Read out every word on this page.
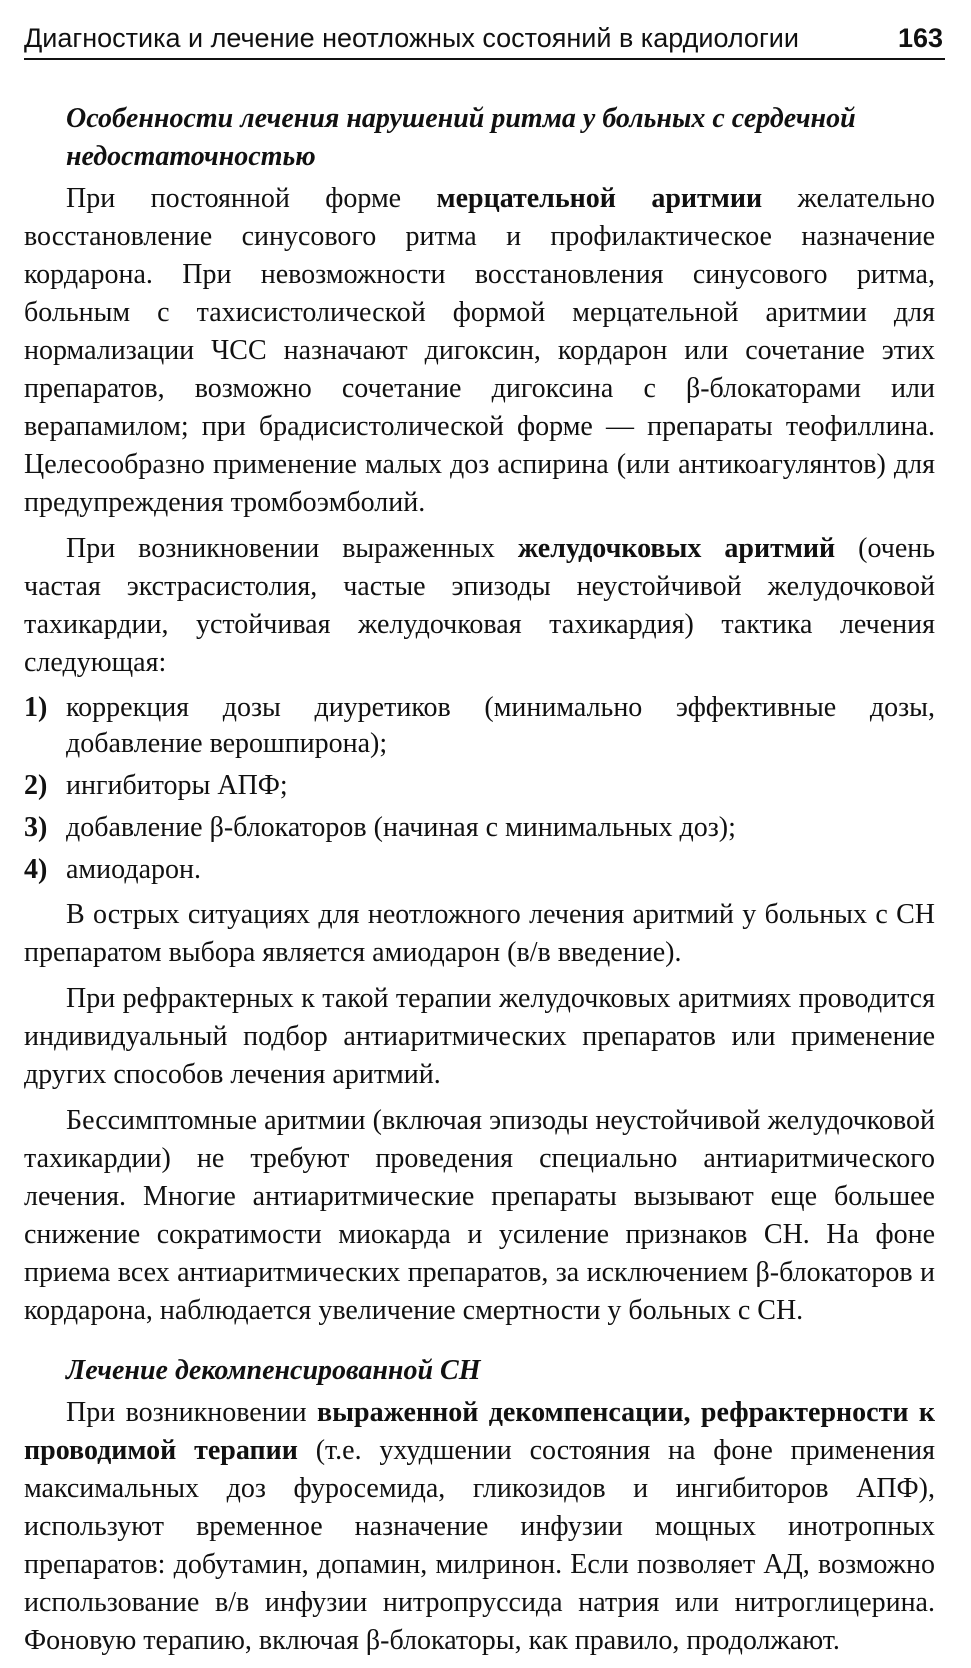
Диагностика и лечение неотложных состояний в кардиологии	163
Особенности лечения нарушений ритма у больных с сердечной недостаточностью

При постоянной форме мерцательной аритмии желательно восстановление синусового ритма и профилактическое назначение кордарона. При невозможности восстановления синусового ритма, больным с тахисистолической формой мерцательной аритмии для нормализации ЧСС назначают дигоксин, кордарон или сочетание этих препаратов, возможно сочетание дигоксина с β-блокаторами или верапамилом; при брадисистолической форме — препараты теофиллина. Целесообразно применение малых доз аспирина (или антикоагулянтов) для предупреждения тромбоэмболий.

При возникновении выраженных желудочковых аритмий (очень частая экстрасистолия, частые эпизоды неустойчивой желудочковой тахикардии, устойчивая желудочковая тахикардия) тактика лечения следующая:

1) коррекция дозы диуретиков (минимально эффективные дозы, добавление верошпирона);
2) ингибиторы АПФ;
3) добавление β-блокаторов (начиная с минимальных доз);
4) амиодарон.

В острых ситуациях для неотложного лечения аритмий у больных с СН препаратом выбора является амиодарон (в/в введение).

При рефрактерных к такой терапии желудочковых аритмиях проводится индивидуальный подбор антиаритмических препаратов или применение других способов лечения аритмий.

Бессимптомные аритмии (включая эпизоды неустойчивой желудочковой тахикардии) не требуют проведения специально антиаритмического лечения. Многие антиаритмические препараты вызывают еще большее снижение сократимости миокарда и усиление признаков СН. На фоне приема всех антиаритмических препаратов, за исключением β-блокаторов и кордарона, наблюдается увеличение смертности у больных с СН.

Лечение декомпенсированной СН

При возникновении выраженной декомпенсации, рефрактерности к проводимой терапии (т.е. ухудшении состояния на фоне применения максимальных доз фуросемида, гликозидов и ингибиторов АПФ), используют временное назначение инфузии мощных инотропных препаратов: добутамин, допамин, милринон. Если позволяет АД, возможно использование в/в инфузии нитропруссида натрия или нитроглицерина. Фоновую терапию, включая β-блокаторы, как правило, продолжают.
